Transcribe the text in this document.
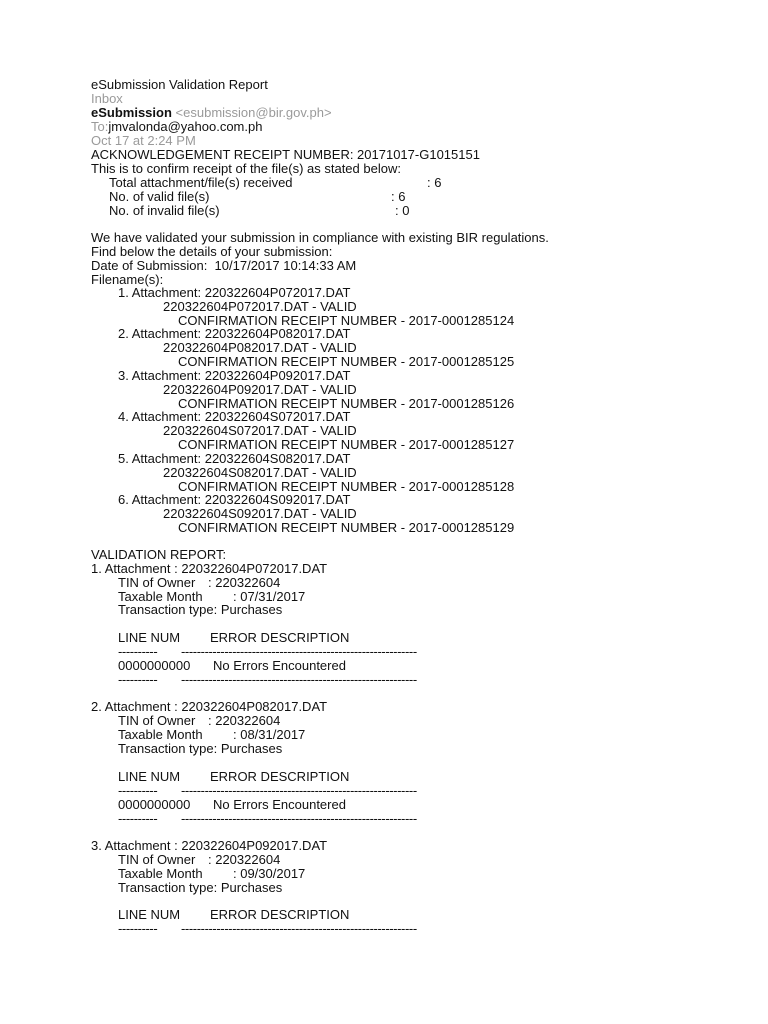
eSubmission Validation Report
Inbox
eSubmission <esubmission@bir.gov.ph>
To:jmvalonda@yahoo.com.ph
Oct 17 at 2:24 PM
ACKNOWLEDGEMENT RECEIPT NUMBER: 20171017-G1015151
This is to confirm receipt of the file(s) as stated below:
Total attachment/file(s) received	: 6
No. of valid file(s)	: 6
No. of invalid file(s)	: 0
We have validated your submission in compliance with existing BIR regulations.
Find below the details of your submission:
Date of Submission:  10/17/2017 10:14:33 AM
Filename(s):
1. Attachment: 220322604P072017.DAT
220322604P072017.DAT - VALID
CONFIRMATION RECEIPT NUMBER - 2017-0001285124
2. Attachment: 220322604P082017.DAT
220322604P082017.DAT - VALID
CONFIRMATION RECEIPT NUMBER - 2017-0001285125
3. Attachment: 220322604P092017.DAT
220322604P092017.DAT - VALID
CONFIRMATION RECEIPT NUMBER - 2017-0001285126
4. Attachment: 220322604S072017.DAT
220322604S072017.DAT - VALID
CONFIRMATION RECEIPT NUMBER - 2017-0001285127
5. Attachment: 220322604S082017.DAT
220322604S082017.DAT - VALID
CONFIRMATION RECEIPT NUMBER - 2017-0001285128
6. Attachment: 220322604S092017.DAT
220322604S092017.DAT - VALID
CONFIRMATION RECEIPT NUMBER - 2017-0001285129
VALIDATION REPORT:
1. Attachment : 220322604P072017.DAT
TIN of Owner : 220322604
Taxable Month : 07/31/2017
Transaction type: Purchases
LINE NUM ERROR DESCRIPTION
---------- ------------------------------------------------------------
0000000000 No Errors Encountered
---------- ------------------------------------------------------------
2. Attachment : 220322604P082017.DAT
TIN of Owner : 220322604
Taxable Month : 08/31/2017
Transaction type: Purchases
LINE NUM ERROR DESCRIPTION
---------- ------------------------------------------------------------
0000000000 No Errors Encountered
---------- ------------------------------------------------------------
3. Attachment : 220322604P092017.DAT
TIN of Owner : 220322604
Taxable Month : 09/30/2017
Transaction type: Purchases
LINE NUM ERROR DESCRIPTION
---------- ------------------------------------------------------------
